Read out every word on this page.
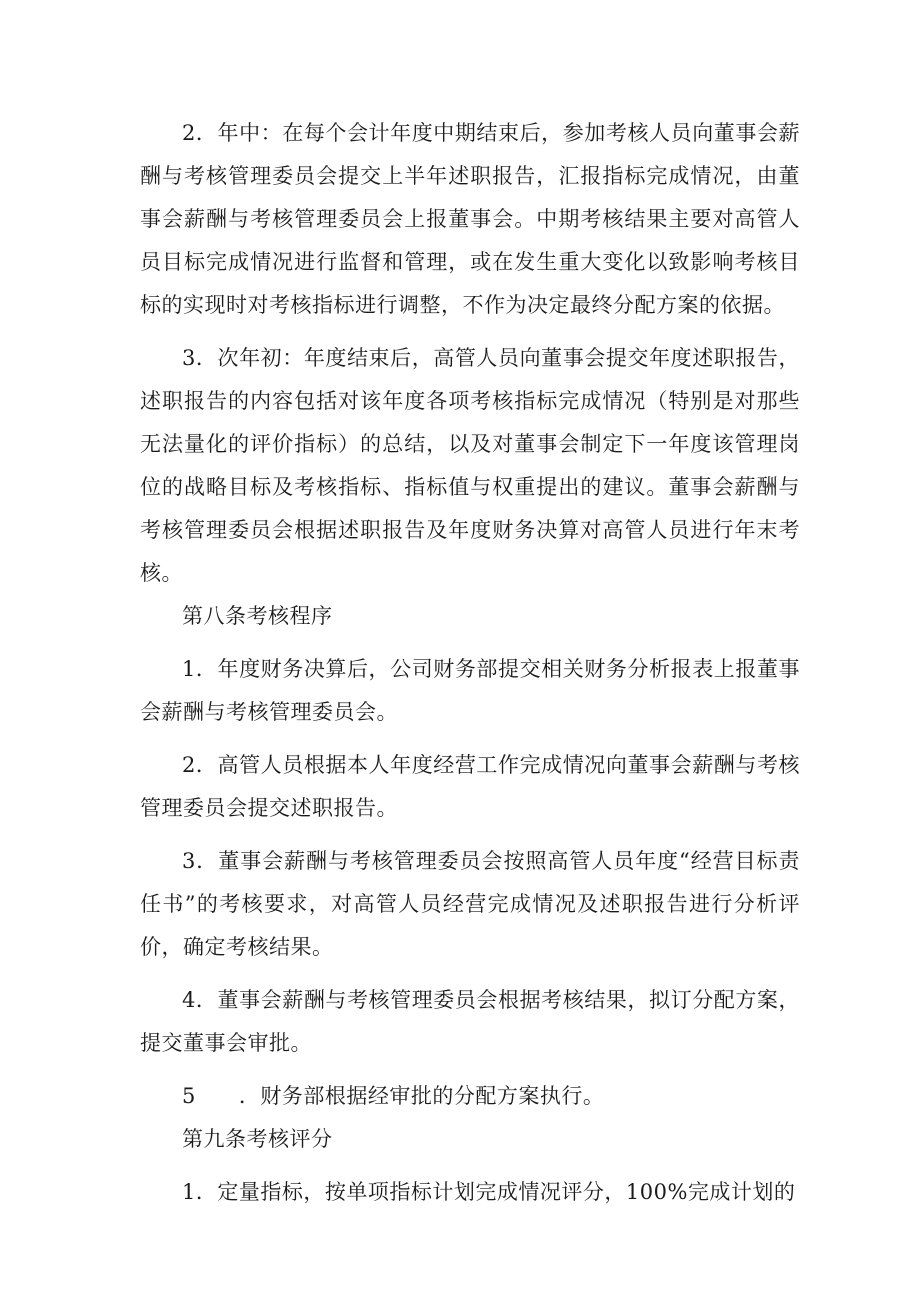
2．年中：在每个会计年度中期结束后，参加考核人员向董事会薪酬与考核管理委员会提交上半年述职报告，汇报指标完成情况，由董事会薪酬与考核管理委员会上报董事会。中期考核结果主要对高管人员目标完成情况进行监督和管理，或在发生重大变化以致影响考核目标的实现时对考核指标进行调整，不作为决定最终分配方案的依据。

3．次年初：年度结束后，高管人员向董事会提交年度述职报告，述职报告的内容包括对该年度各项考核指标完成情况（特别是对那些无法量化的评价指标）的总结，以及对董事会制定下一年度该管理岗位的战略目标及考核指标、指标值与权重提出的建议。董事会薪酬与考核管理委员会根据述职报告及年度财务决算对高管人员进行年末考核。

第八条考核程序

1．年度财务决算后，公司财务部提交相关财务分析报表上报董事会薪酬与考核管理委员会。

2．高管人员根据本人年度经营工作完成情况向董事会薪酬与考核管理委员会提交述职报告。

3．董事会薪酬与考核管理委员会按照高管人员年度“经营目标责任书”的考核要求，对高管人员经营完成情况及述职报告进行分析评价，确定考核结果。

4．董事会薪酬与考核管理委员会根据考核结果，拟订分配方案，提交董事会审批。

5　　．财务部根据经审批的分配方案执行。

第九条考核评分

1．定量指标，按单项指标计划完成情况评分，100%完成计划的
